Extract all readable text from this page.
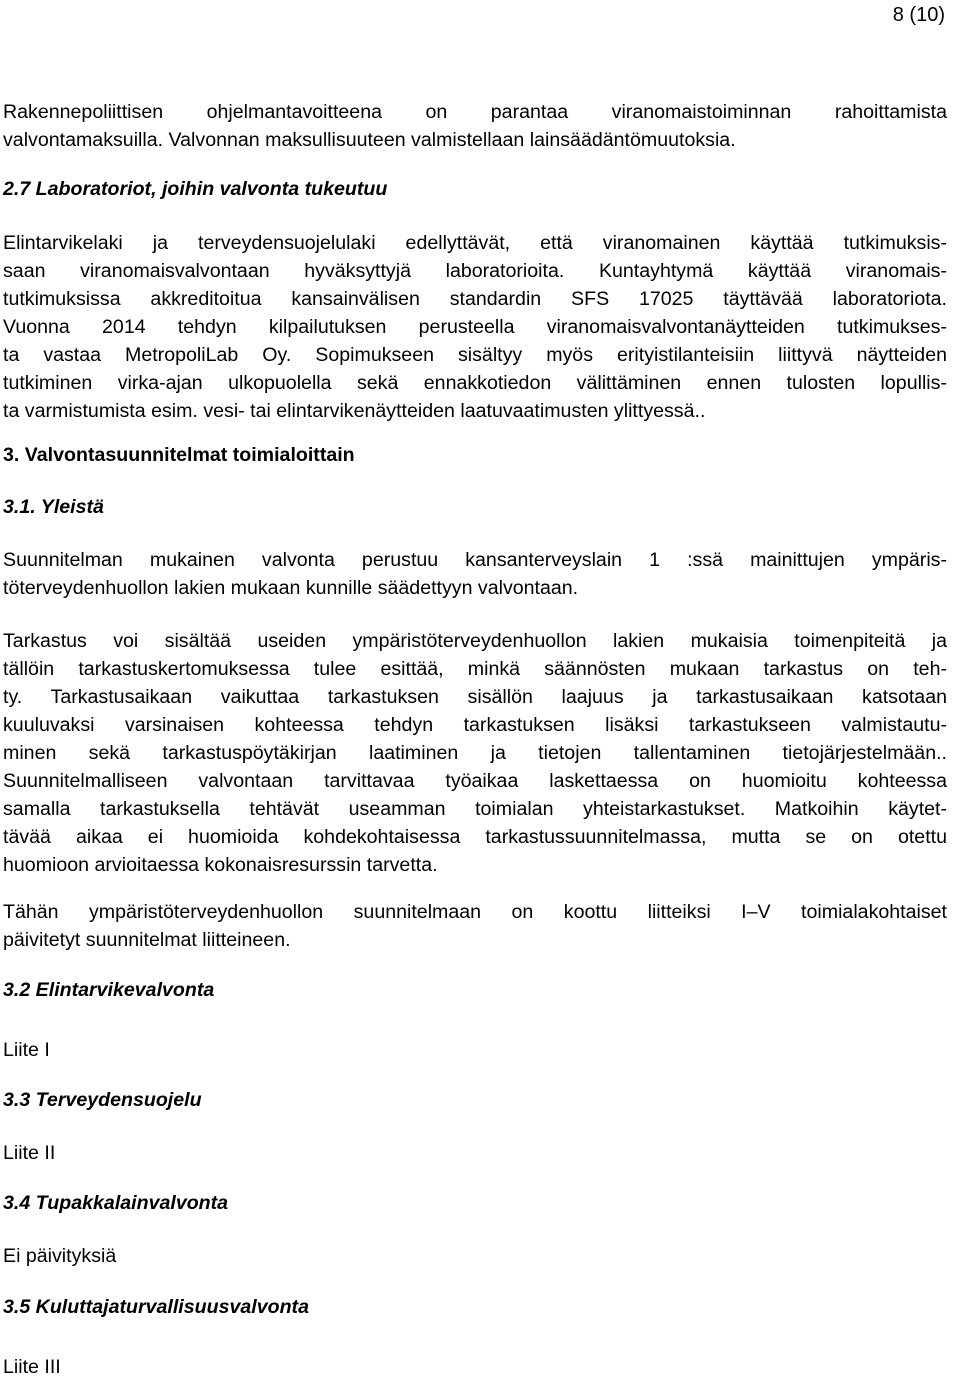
8 (10)
Rakennepoliittisen ohjelmantavoitteena on parantaa viranomaistoiminnan rahoittamista
valvontamaksuilla. Valvonnan maksullisuuteen valmistellaan lainsäädäntömuutoksia.
2.7 Laboratoriot, joihin valvonta tukeutuu
Elintarvikelaki ja terveydensuojelulaki edellyttävät, että viranomainen käyttää tutkimuksis-
saan viranomaisvalvontaan hyväksyttyjä laboratorioita. Kuntayhtymä käyttää viranomais-
tutkimuksissa akkreditoitua kansainvälisen standardin SFS 17025 täyttävää laboratoriota.
Vuonna 2014 tehdyn kilpailutuksen perusteella viranomaisvalvontanäytteiden tutkimukses-
ta vastaa MetropoliLab Oy. Sopimukseen sisältyy myös erityistilanteisiin liittyvä näytteiden
tutkiminen virka-ajan ulkopuolella sekä ennakkotiedon välittäminen ennen tulosten lopullis-
ta varmistumista esim. vesi- tai elintarvikenäytteiden laatuvaatimusten ylittyessä..
3. Valvontasuunnitelmat toimialoittain
3.1. Yleistä
Suunnitelman mukainen valvonta perustuu kansanterveyslain 1 :ssä mainittujen ympäris-
töterveydenhuollon lakien mukaan kunnille säädettyyn valvontaan.
Tarkastus voi sisältää useiden ympäristöterveydenhuollon lakien mukaisia toimenpiteitä ja
tällöin tarkastuskertomuksessa tulee esittää, minkä säännösten mukaan tarkastus on teh-
ty. Tarkastusaikaan vaikuttaa tarkastuksen sisällön laajuus ja tarkastusaikaan katsotaan
kuuluvaksi varsinaisen kohteessa tehdyn tarkastuksen lisäksi tarkastukseen valmistautu-
minen sekä tarkastuspöytäkirjan laatiminen ja tietojen tallentaminen tietojärjestelmään..
Suunnitelmalliseen valvontaan tarvittavaa työaikaa laskettaessa on huomioitu kohteessa
samalla tarkastuksella tehtävät useamman toimialan yhteistarkastukset. Matkoihin käytet-
tävää aikaa ei huomioida kohdekohtaisessa tarkastussuunnitelmassa, mutta se on otettu
huomioon arvioitaessa kokonaisresurssin tarvetta.
Tähän ympäristöterveydenhuollon suunnitelmaan on koottu liitteiksi I–V toimialakohtaiset
päivitetyt suunnitelmat liitteineen.
3.2 Elintarvikevalvonta
Liite I
3.3 Terveydensuojelu
Liite II
3.4 Tupakkalainvalvonta
Ei päivityksiä
3.5 Kuluttajaturvallisuusvalvonta
Liite III
